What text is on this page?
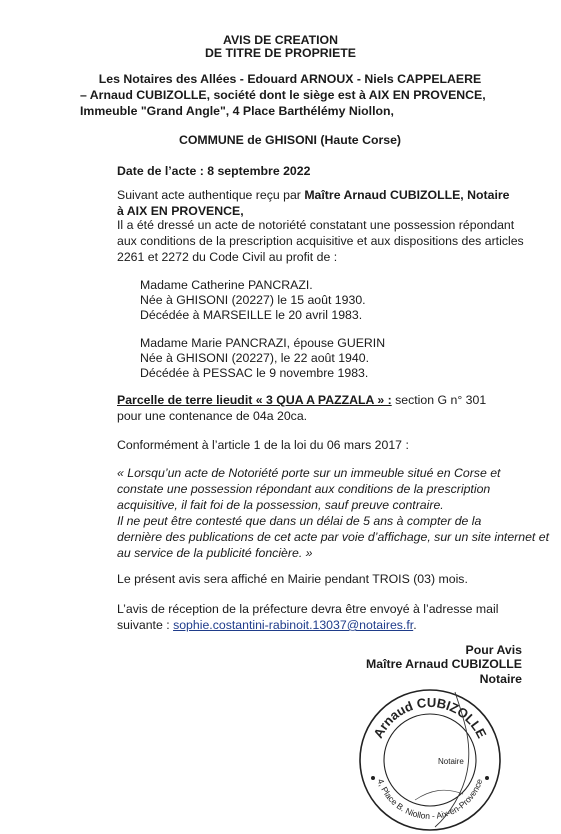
AVIS DE CREATION

DE TITRE DE PROPRIETE

Les Notaires des Allées - Edouard ARNOUX - Niels CAPPELAERE

– Arnaud CUBIZOLLE, société dont le siège est à AIX EN PROVENCE,

Immeuble "Grand Angle", 4 Place Barthélémy Niollon,

COMMUNE de GHISONI (Haute Corse)

Date de l’acte : 8 septembre 2022

Suivant acte authentique reçu par Maître Arnaud CUBIZOLLE, Notaire

à AIX EN PROVENCE,

Il a été dressé un acte de notoriété constatant une possession répondant

aux conditions de la prescription acquisitive et aux dispositions des articles

2261 et 2272 du Code Civil au profit de :

Madame Catherine PANCRAZI.

Née à GHISONI (20227) le 15 août 1930.

Décédée à MARSEILLE le 20 avril 1983.

Madame Marie PANCRAZI, épouse GUERIN

Née à GHISONI (20227), le 22 août 1940.

Décédée à PESSAC le 9 novembre 1983.

Parcelle de terre lieudit « 3 QUA A PAZZALA » : section G n° 301

pour une contenance de 04a 20ca.

Conformément à l’article 1 de la loi du 06 mars 2017 :

« Lorsqu’un acte de Notoriété porte sur un immeuble situé en Corse et

constate une possession répondant aux conditions de la prescription

acquisitive, il fait foi de la possession, sauf preuve contraire.

Il ne peut être contesté que dans un délai de 5 ans à compter de la

dernière des publications de cet acte par voie d’affichage, sur un site internet et

au service de la publicité foncière. »

Le présent avis sera affiché en Mairie pendant TROIS (03) mois.

L’avis de réception de la préfecture devra être envoyé à l’adresse mail

suivante : sophie.costantini-rabinoit.13037@notaires.fr.

Pour Avis

Maître Arnaud CUBIZOLLE

Notaire

Arnaud CUBIZOLLE
4, Place B. Niollon - Aix-en-Provence
Notaire
